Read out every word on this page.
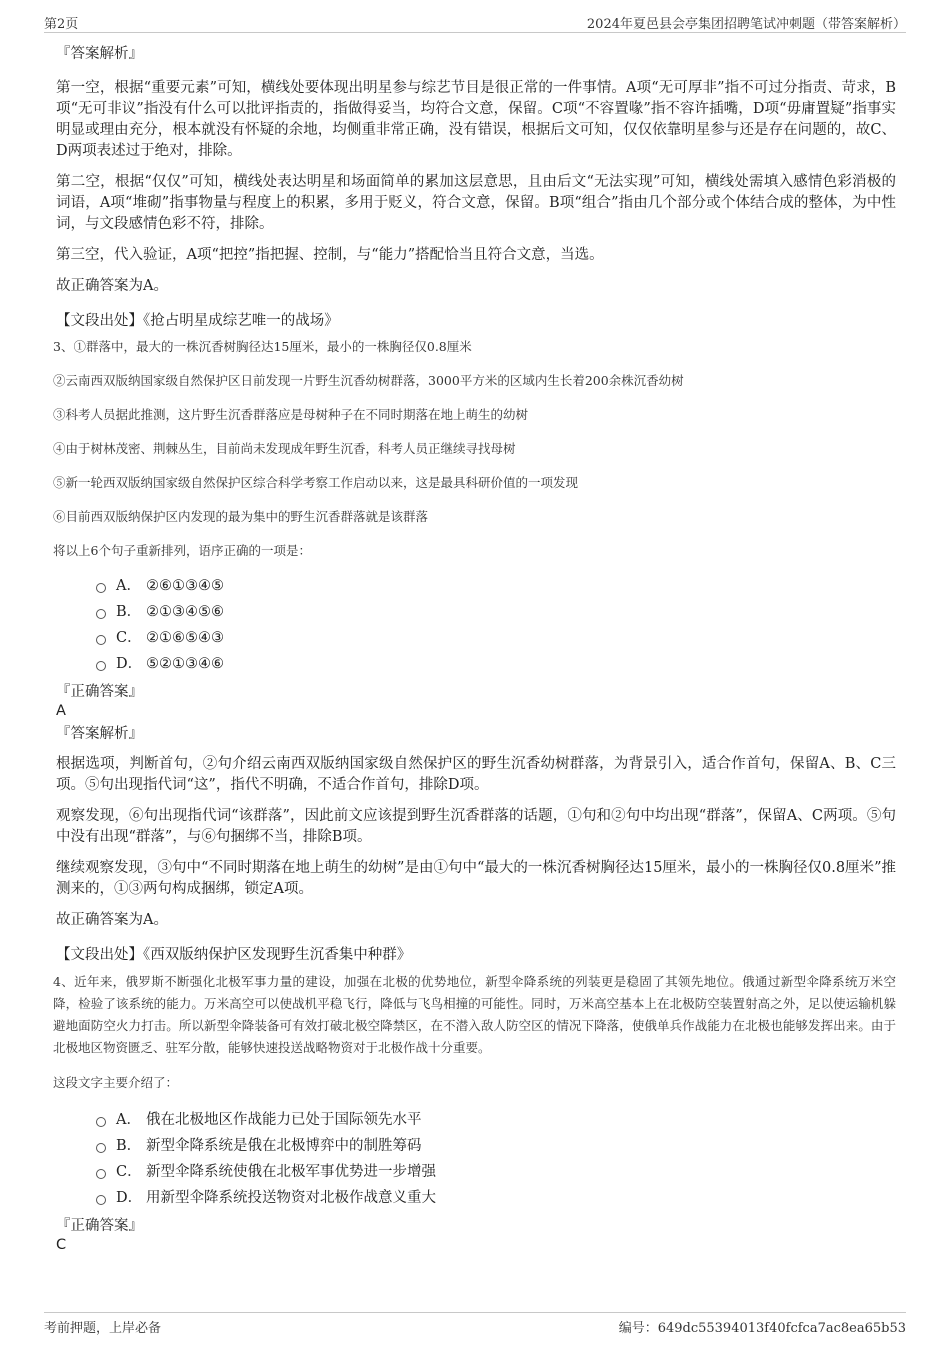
第2页	2024年夏邑县会亭集团招聘笔试冲刺题（带答案解析）

『答案解析』

第一空，根据“重要元素”可知，横线处要体现出明星参与综艺节目是很正常的一件事情。A项“无可厚非”指不可过分指责、苛求，B项“无可非议”指没有什么可以批评指责的，指做得妥当，均符合文意，保留。C项“不容置喙”指不容许插嘴，D项“毋庸置疑”指事实明显或理由充分，根本就没有怀疑的余地，均侧重非常正确，没有错误，根据后文可知，仅仅依靠明星参与还是存在问题的，故C、D两项表述过于绝对，排除。

第二空，根据“仅仅”可知，横线处表达明星和场面简单的累加这层意思，且由后文“无法实现”可知，横线处需填入感情色彩消极的词语，A项“堆砌”指事物量与程度上的积累，多用于贬义，符合文意，保留。B项“组合”指由几个部分或个体结合成的整体，为中性词，与文段感情色彩不符，排除。

第三空，代入验证，A项“把控”指把握、控制，与“能力”搭配恰当且符合文意，当选。

故正确答案为A。

【文段出处】《抢占明星成综艺唯一的战场》

3、①群落中，最大的一株沉香树胸径达15厘米，最小的一株胸径仅0.8厘米

②云南西双版纳国家级自然保护区日前发现一片野生沉香幼树群落，3000平方米的区域内生长着200余株沉香幼树

③科考人员据此推测，这片野生沉香群落应是母树种子在不同时期落在地上萌生的幼树

④由于树林茂密、荆棘丛生，目前尚未发现成年野生沉香，科考人员正继续寻找母树

⑤新一轮西双版纳国家级自然保护区综合科学考察工作启动以来，这是最具科研价值的一项发现

⑥目前西双版纳保护区内发现的最为集中的野生沉香群落就是该群落

将以上6个句子重新排列，语序正确的一项是：

A． ②⑥①③④⑤
B． ②①③④⑤⑥
C． ②①⑥⑤④③
D． ⑤②①③④⑥

『正确答案』

A

『答案解析』

根据选项，判断首句，②句介绍云南西双版纳国家级自然保护区的野生沉香幼树群落，为背景引入，适合作首句，保留A、B、C三项。⑤句出现指代词“这”，指代不明确，不适合作首句，排除D项。

观察发现，⑥句出现指代词“该群落”，因此前文应该提到野生沉香群落的话题，①句和②句中均出现“群落”，保留A、C两项。⑤句中没有出现“群落”，与⑥句捆绑不当，排除B项。

继续观察发现，③句中“不同时期落在地上萌生的幼树”是由①句中“最大的一株沉香树胸径达15厘米，最小的一株胸径仅0.8厘米”推测来的，①③两句构成捆绑，锁定A项。

故正确答案为A。

【文段出处】《西双版纳保护区发现野生沉香集中种群》

4、近年来，俄罗斯不断强化北极军事力量的建设，加强在北极的优势地位，新型伞降系统的列装更是稳固了其领先地位。俄通过新型伞降系统万米空降，检验了该系统的能力。万米高空可以使战机平稳飞行，降低与飞鸟相撞的可能性。同时，万米高空基本上在北极防空装置射高之外，足以使运输机躲避地面防空火力打击。所以新型伞降装备可有效打破北极空降禁区，在不潜入敌人防空区的情况下降落，使俄单兵作战能力在北极也能够发挥出来。由于北极地区物资匮乏、驻军分散，能够快速投送战略物资对于北极作战十分重要。

这段文字主要介绍了：

A． 俄在北极地区作战能力已处于国际领先水平
B． 新型伞降系统是俄在北极博弈中的制胜筹码
C． 新型伞降系统使俄在北极军事优势进一步增强
D． 用新型伞降系统投送物资对北极作战意义重大

『正确答案』

C

考前押题，上岸必备	编号：649dc55394013f40fcfca7ac8ea65b53
